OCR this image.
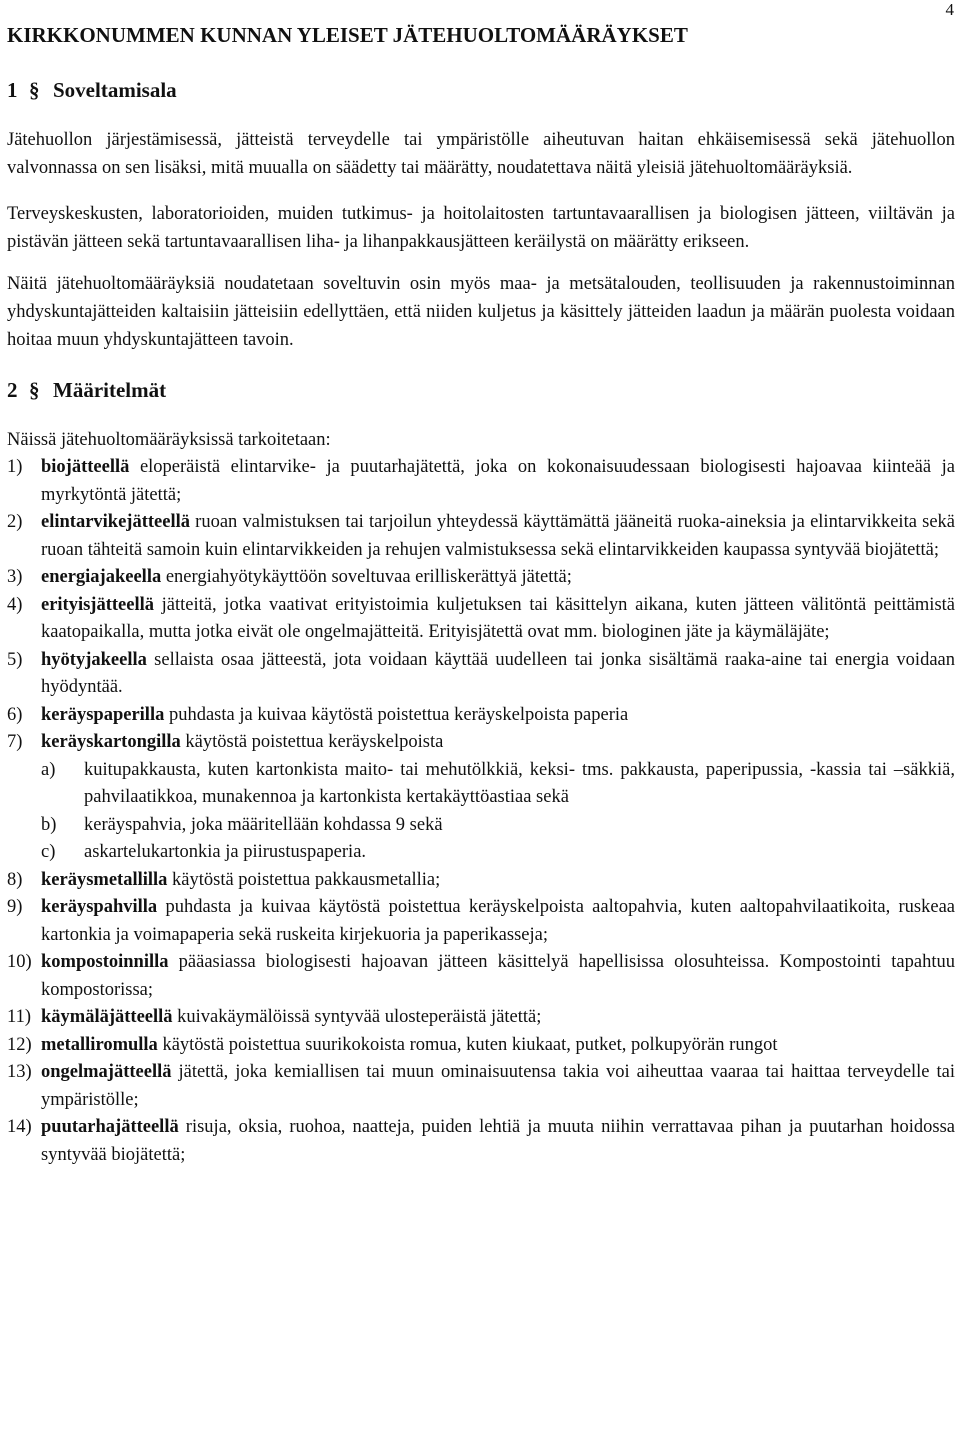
4
KIRKKONUMMEN KUNNAN YLEISET JÄTEHUOLTOMÄÄRÄYKSET
1 § Soveltamisala

Jätehuollon järjestämisessä, jätteistä terveydelle tai ympäristölle aiheutuvan haitan ehkäisemisessä sekä jätehuollon valvonnassa on sen lisäksi, mitä muualla on säädetty tai määrätty, noudatettava näitä yleisiä jätehuoltomääräyksiä.

Terveyskeskusten, laboratorioiden, muiden tutkimus- ja hoitolaitosten tartuntavaarallisen ja biologisen jätteen, viiltävän ja pistävän jätteen sekä tartuntavaarallisen liha- ja lihanpakkausjätteen keräilystä on määrätty erikseen.

Näitä jätehuoltomääräyksiä noudatetaan soveltuvin osin myös maa- ja metsätalouden, teollisuuden ja rakennustoiminnan yhdyskuntajätteiden kaltaisiin jätteisiin edellyttäen, että niiden kuljetus ja käsittely jätteiden laadun ja määrän puolesta voidaan hoitaa muun yhdyskuntajätteen tavoin.

2 § Määritelmät

Näissä jätehuoltomääräyksissä tarkoitetaan:

1)	biojätteellä eloperäistä elintarvike- ja puutarhajätettä, joka on kokonaisuudessaan biologisesti hajoavaa kiinteää ja myrkytöntä jätettä;
2)	elintarvikejätteellä ruoan valmistuksen tai tarjoilun yhteydessä käyttämättä jääneitä ruoka-aineksia ja elintarvikkeita sekä ruoan tähteitä samoin kuin elintarvikkeiden ja rehujen valmistuksessa sekä elintarvikkeiden kaupassa syntyvää biojätettä;
3)	energiajakeella energiahyötykäyttöön soveltuvaa erilliskerättyä jätettä;
4)	erityisjätteellä jätteitä, jotka vaativat erityistoimia kuljetuksen tai käsittelyn aikana, kuten jätteen välitöntä peittämistä kaatopaikalla, mutta jotka eivät ole ongelmajätteitä. Erityisjätettä ovat mm. biologinen jäte ja käymäläjäte;
5)	hyötyjakeella sellaista osaa jätteestä, jota voidaan käyttää uudelleen tai jonka sisältämä raaka-aine tai energia voidaan hyödyntää.
6)	keräyspaperilla puhdasta ja kuivaa käytöstä poistettua keräyskelpoista paperia
7)	keräyskartongilla käytöstä poistettua keräyskelpoista
a)	kuitupakkausta, kuten kartonkista maito- tai mehutölkkiä, keksi- tms. pakkausta, paperipussia, -kassia tai –säkkiä, pahvilaatikkoa, munakennoa ja kartonkista kertakäyttöastiaa sekä
b)	keräyspahvia, joka määritellään kohdassa 9 sekä
c)	askartelukartonkia ja piirustuspaperia.
8)	keräysmetallilla käytöstä poistettua pakkausmetallia;
9)	keräyspahvilla puhdasta ja kuivaa käytöstä poistettua keräyskelpoista aaltopahvia, kuten aaltopahvilaatikoita, ruskeaa kartonkia ja voimapaperia sekä ruskeita kirjekuoria ja paperikasseja;
10) kompostoinnilla pääasiassa biologisesti hajoavan jätteen käsittelyä hapellisissa olosuhteissa. Kompostointi tapahtuu kompostorissa;
11) käymäläjätteellä kuivakäymälöissä syntyvää ulosteperäistä jätettä;
12) metalliromulla käytöstä poistettua suurikokoista romua, kuten kiukaat, putket, polkupyörän rungot
13) ongelmajätteellä jätettä, joka kemiallisen tai muun ominaisuutensa takia voi aiheuttaa vaaraa tai haittaa terveydelle tai ympäristölle;
14) puutarhajätteellä risuja, oksia, ruohoa, naatteja, puiden lehtiä ja muuta niihin verrattavaa pihan ja puutarhan hoidossa syntyvää biojätettä;
